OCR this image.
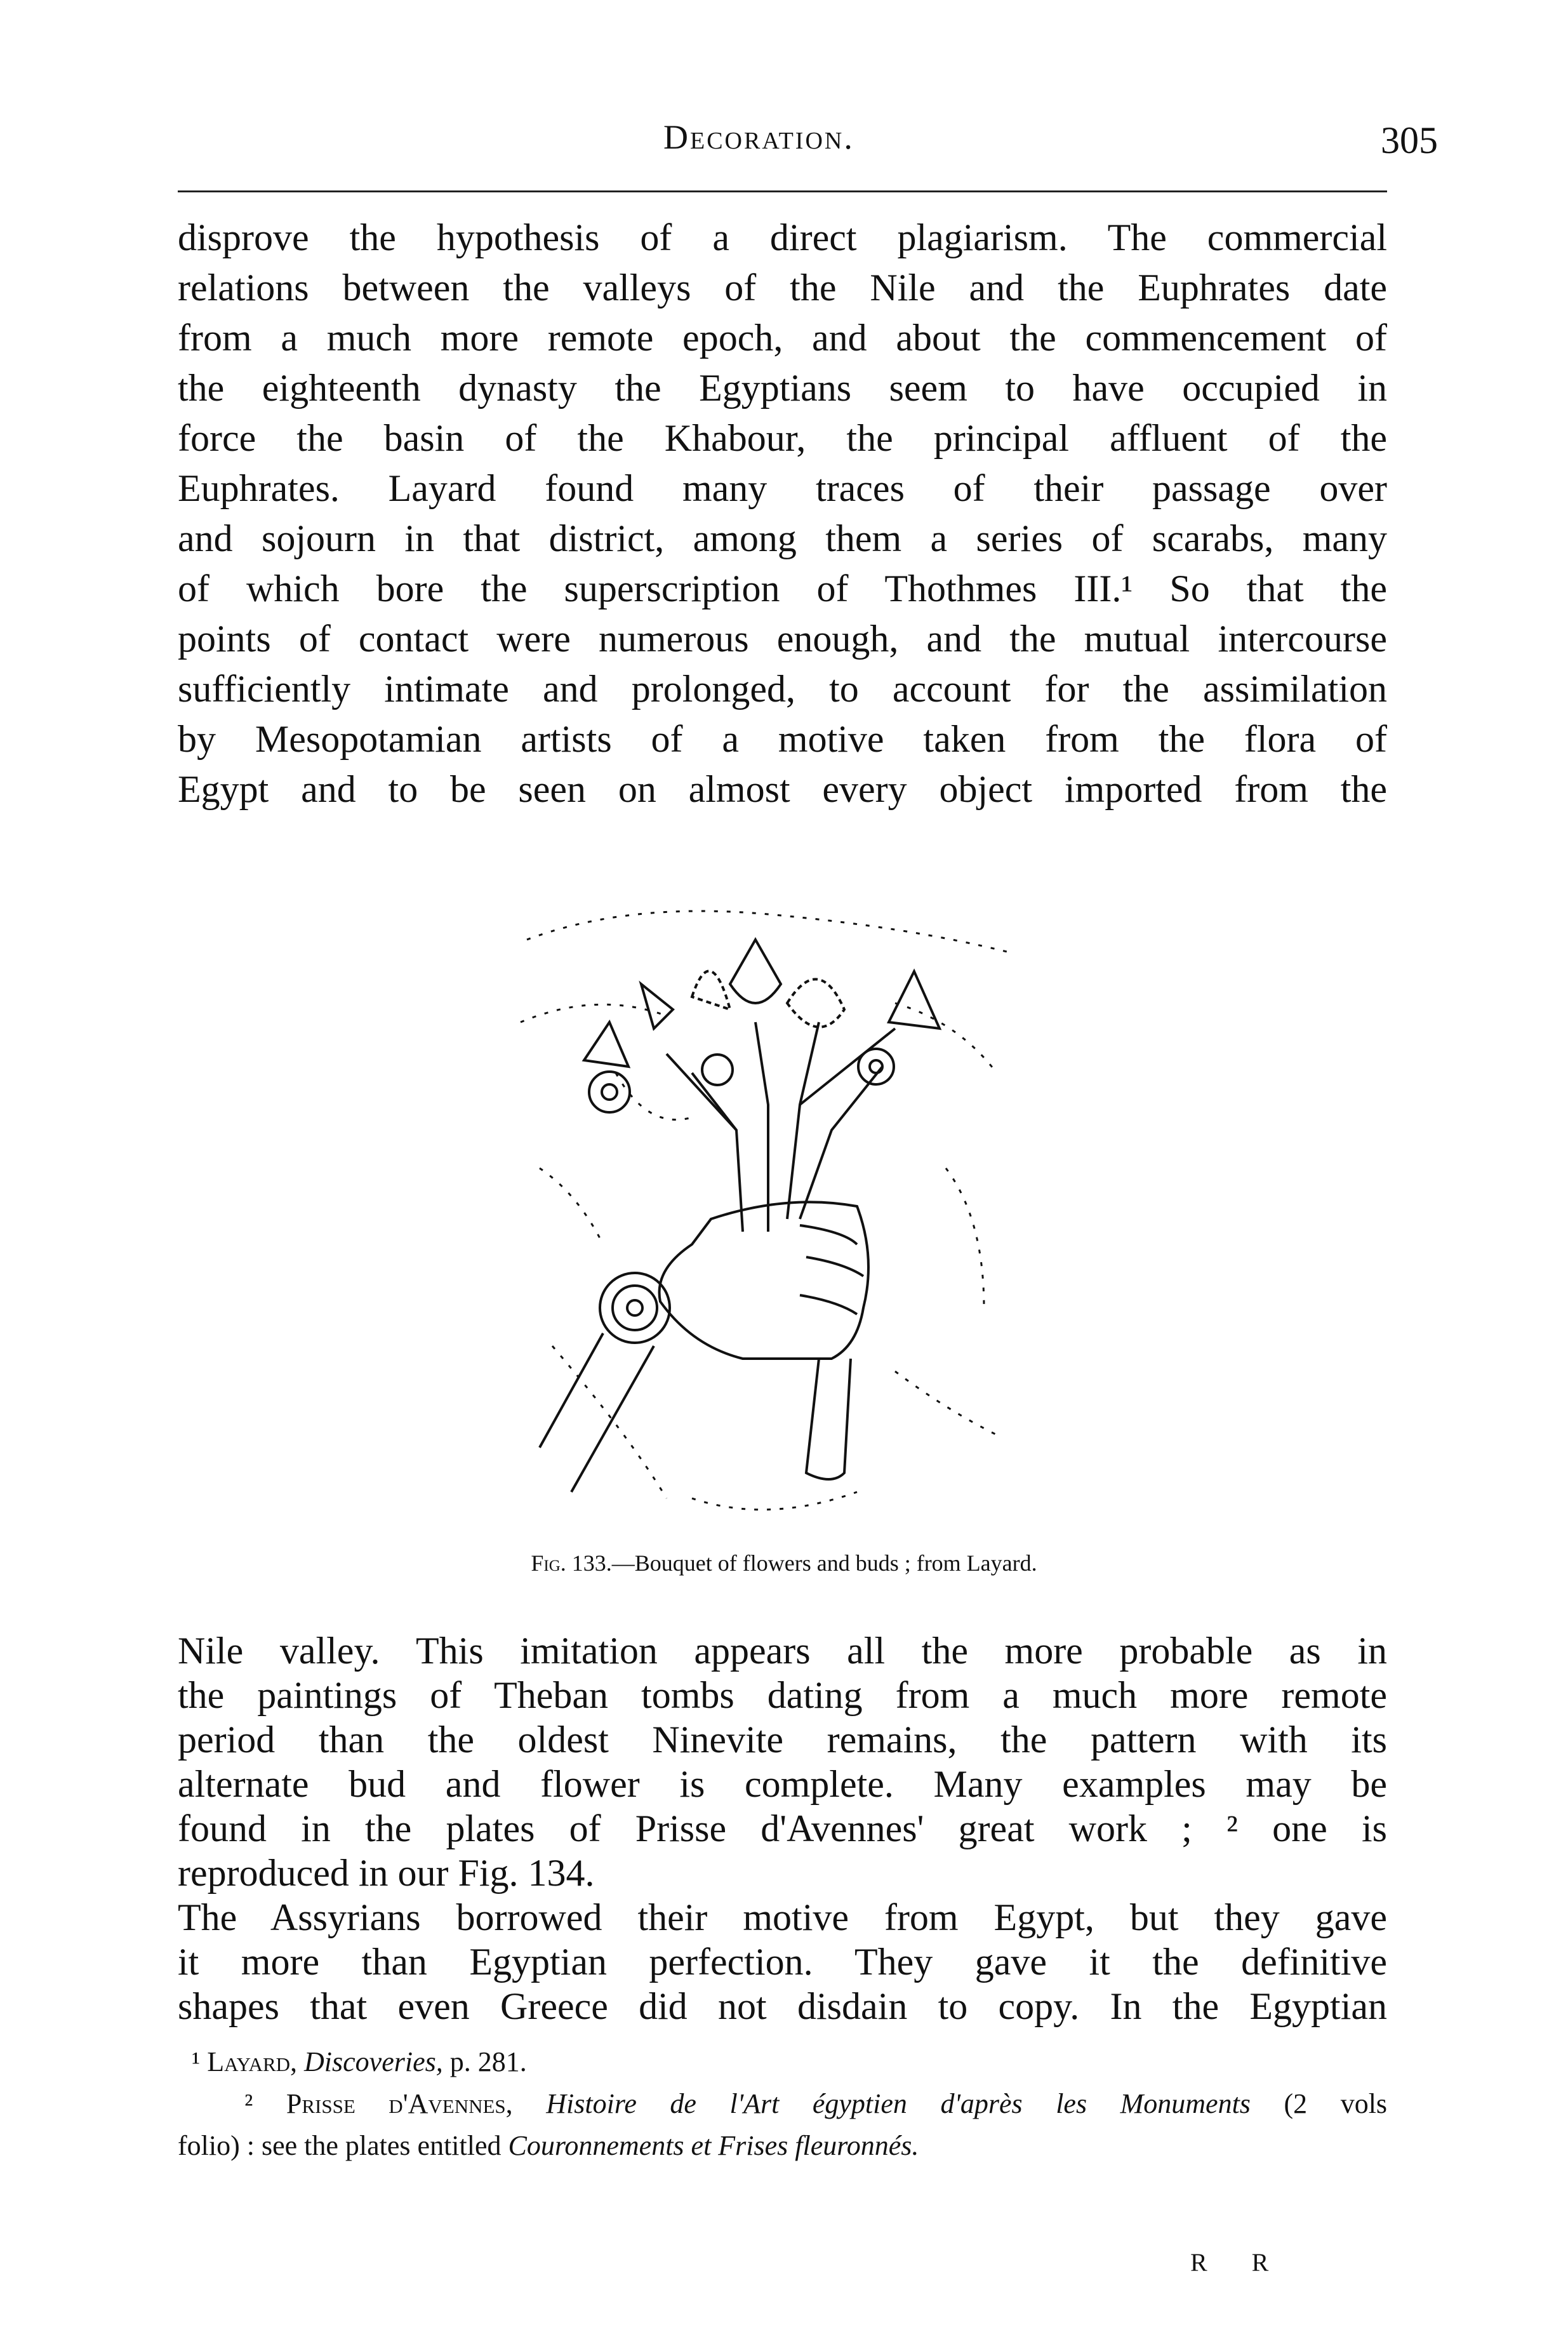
Decoration.	305
disprove the hypothesis of a direct plagiarism. The commercial
relations between the valleys of the Nile and the Euphrates date
from a much more remote epoch, and about the commencement of
the eighteenth dynasty the Egyptians seem to have occupied in
force the basin of the Khabour, the principal affluent of the
Euphrates. Layard found many traces of their passage over
and sojourn in that district, among them a series of scarabs, many
of which bore the superscription of Thothmes III.¹ So that the
points of contact were numerous enough, and the mutual intercourse
sufficiently intimate and prolonged, to account for the assimilation
by Mesopotamian artists of a motive taken from the flora of
Egypt and to be seen on almost every object imported from the
Fig. 133.—Bouquet of flowers and buds ; from Layard.
Nile valley. This imitation appears all the more probable as in
the paintings of Theban tombs dating from a much more remote
period than the oldest Ninevite remains, the pattern with its
alternate bud and flower is complete. Many examples may be
found in the plates of Prisse d'Avennes' great work ; ² one is
reproduced in our Fig. 134.
The Assyrians borrowed their motive from Egypt, but they gave
it more than Egyptian perfection. They gave it the definitive
shapes that even Greece did not disdain to copy. In the Egyptian
¹ Layard, Discoveries, p. 281.
² Prisse d'Avennes, Histoire de l'Art égyptien d'après les Monuments (2 vols
folio) : see the plates entitled Couronnements et Frises fleuronnés.
R R
